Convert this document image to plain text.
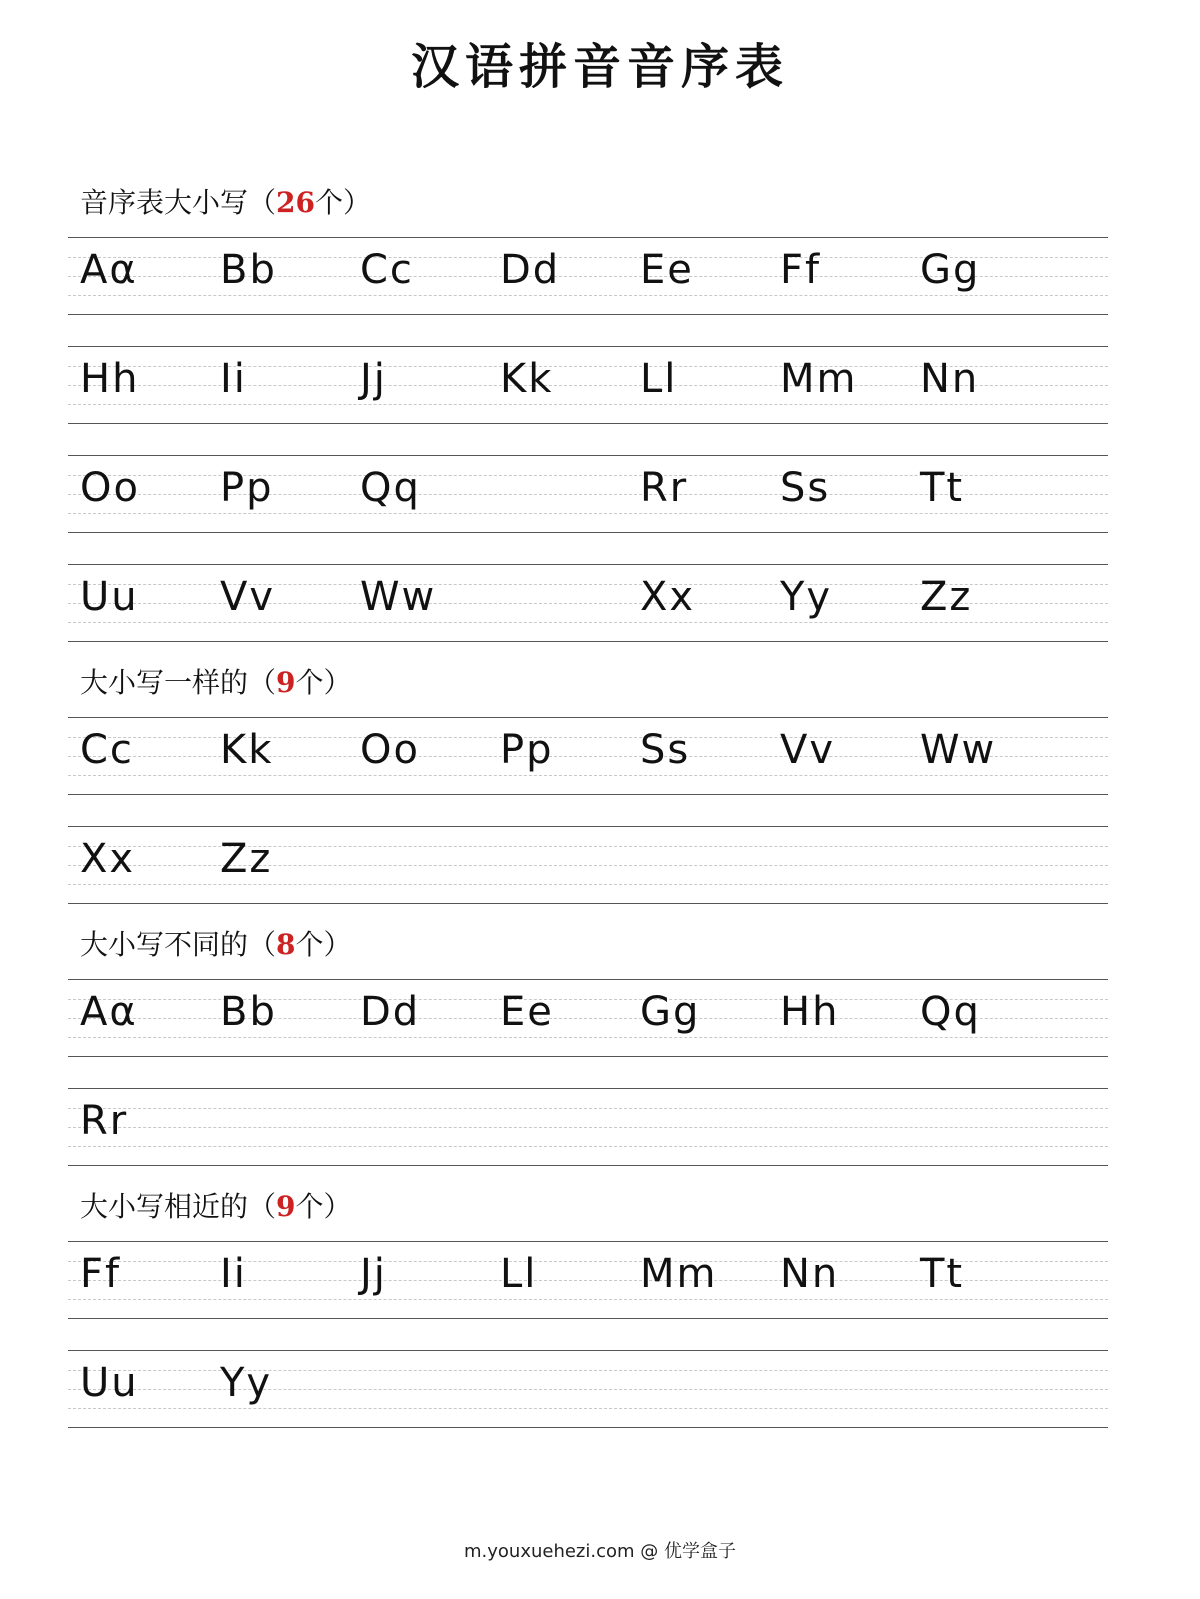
汉语拼音音序表
音序表大小写（26个）
Aα Bb Cc Dd Ee Ff Gg
Hh Ii	Jj	Kk Ll	Mm Nn
Oo Pp Qq	Rr Ss Tt
Uu Vv Ww	Xx Yy Zz
大小写一样的（9个）
Cc Kk Oo Pp Ss Vv Ww
Xx Zz
大小写不同的（8个）
Aα Bb Dd Ee Gg Hh Qq
Rr
大小写相近的（9个）
Ff Ii	Jj	Ll	Mm Nn Tt
Uu Yy
m.youxuehezi.com @ 优学盒子
